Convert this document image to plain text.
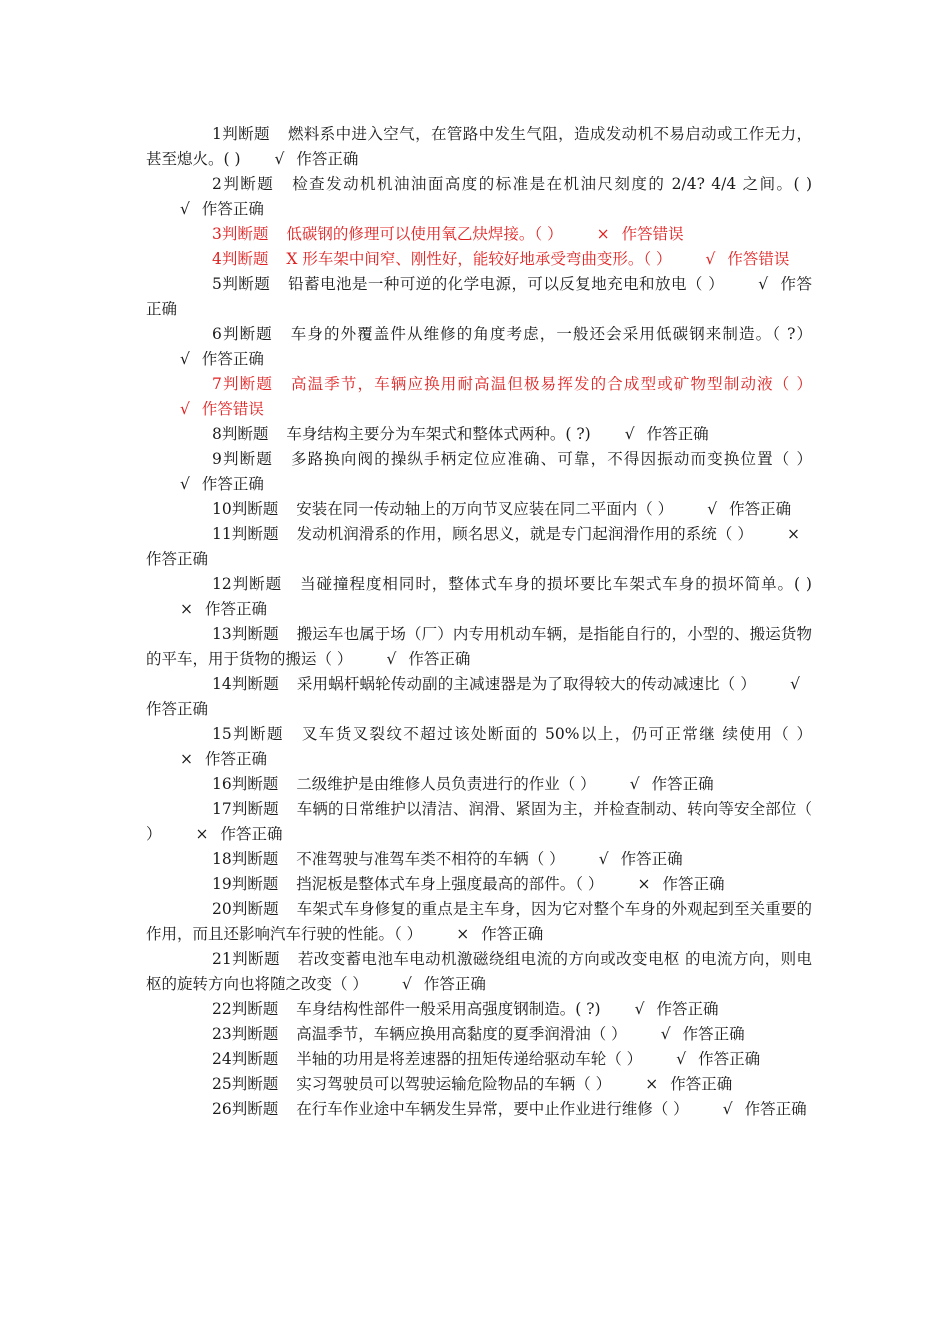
1判断题 燃料系中进入空气，在管路中发生气阻，造成发动机不易启动或工作无力，甚至熄火。( ) √ 作答正确
2判断题 检查发动机机油油面高度的标准是在机油尺刻度的 2/4? 4/4 之间。( )√ 作答正确
3判断题 低碳钢的修理可以使用氧乙炔焊接。（ ） × 作答错误
4判断题 X 形车架中间窄、刚性好，能较好地承受弯曲变形。（ ） √ 作答错误
5判断题 铅蓄电池是一种可逆的化学电源，可以反复地充电和放电（ ） √ 作答正确
6判断题 车身的外覆盖件从维修的角度考虑，一般还会采用低碳钢来制造。（ ?）√ 作答正确
7判断题 高温季节，车辆应换用耐高温但极易挥发的合成型或矿物型制动液（ ）√ 作答错误
8判断题 车身结构主要分为车架式和整体式两种。( ?) √ 作答正确
9判断题 多路换向阀的操纵手柄定位应准确、可靠，不得因振动而变换位置（ ）√ 作答正确
10判断题 安装在同一传动轴上的万向节叉应装在同二平面内（ ） √ 作答正确
11判断题 发动机润滑系的作用，顾名思义，就是专门起润滑作用的系统（ ） ×作答正确
12判断题 当碰撞程度相同时，整体式车身的损坏要比车架式车身的损坏简单。( )× 作答正确
13判断题 搬运车也属于场（厂）内专用机动车辆，是指能自行的，小型的、搬运货物的平车，用于货物的搬运（ ） √ 作答正确
14判断题 采用蜗杆蜗轮传动副的主减速器是为了取得较大的传动减速比（ ） √作答正确
15判断题 叉车货叉裂纹不超过该处断面的 50%以上，仍可正常继 续使用（ ）× 作答正确
16判断题 二级维护是由维修人员负责进行的作业（ ） √ 作答正确
17判断题 车辆的日常维护以清洁、润滑、紧固为主，并检查制动、转向等安全部位（ ） × 作答正确
18判断题 不准驾驶与准驾车类不相符的车辆（ ） √ 作答正确
19判断题 挡泥板是整体式车身上强度最高的部件。（ ） × 作答正确
20判断题 车架式车身修复的重点是主车身，因为它对整个车身的外观起到至关重要的作用，而且还影响汽车行驶的性能。（ ） × 作答正确
21判断题 若改变蓄电池车电动机激磁绕组电流的方向或改变电枢 的电流方向，则电枢的旋转方向也将随之改变（ ） √ 作答正确
22判断题 车身结构性部件一般采用高强度钢制造。( ?) √ 作答正确
23判断题 高温季节，车辆应换用高黏度的夏季润滑油（ ） √ 作答正确
24判断题 半轴的功用是将差速器的扭矩传递给驱动车轮（ ） √ 作答正确
25判断题 实习驾驶员可以驾驶运输危险物品的车辆（ ） × 作答正确
26判断题 在行车作业途中车辆发生异常，要中止作业进行维修（ ） √ 作答正确
